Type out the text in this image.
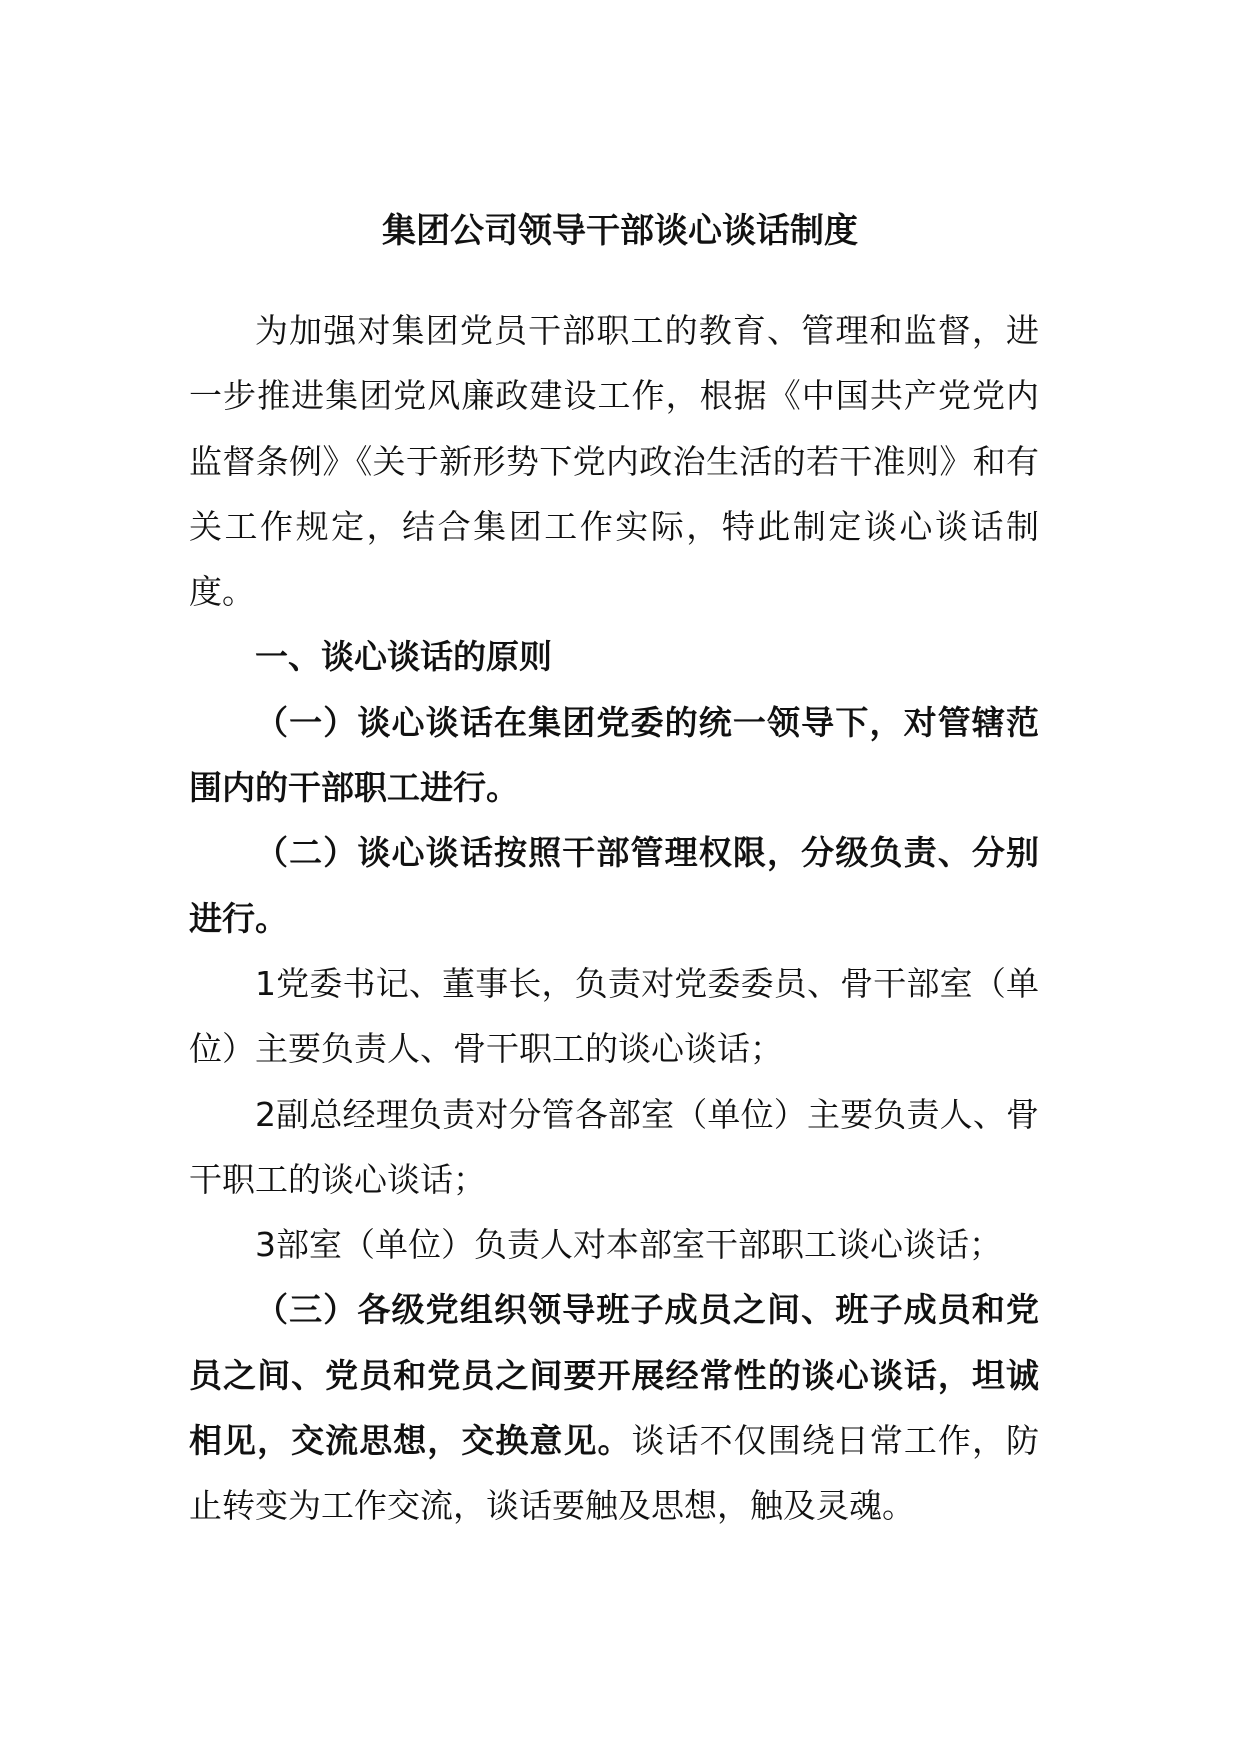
集团公司领导干部谈心谈话制度

为加强对集团党员干部职工的教育、管理和监督，进一步推进集团党风廉政建设工作，根据《中国共产党党内监督条例》《关于新形势下党内政治生活的若干准则》和有关工作规定，结合集团工作实际，特此制定谈心谈话制度。

一、谈心谈话的原则

（一）谈心谈话在集团党委的统一领导下，对管辖范围内的干部职工进行。

（二）谈心谈话按照干部管理权限，分级负责、分别进行。

1党委书记、董事长，负责对党委委员、骨干部室（单位）主要负责人、骨干职工的谈心谈话；

2副总经理负责对分管各部室（单位）主要负责人、骨干职工的谈心谈话；

3部室（单位）负责人对本部室干部职工谈心谈话；

（三）各级党组织领导班子成员之间、班子成员和党员之间、党员和党员之间要开展经常性的谈心谈话，坦诚相见，交流思想，交换意见。谈话不仅围绕日常工作，防止转变为工作交流，谈话要触及思想，触及灵魂。
